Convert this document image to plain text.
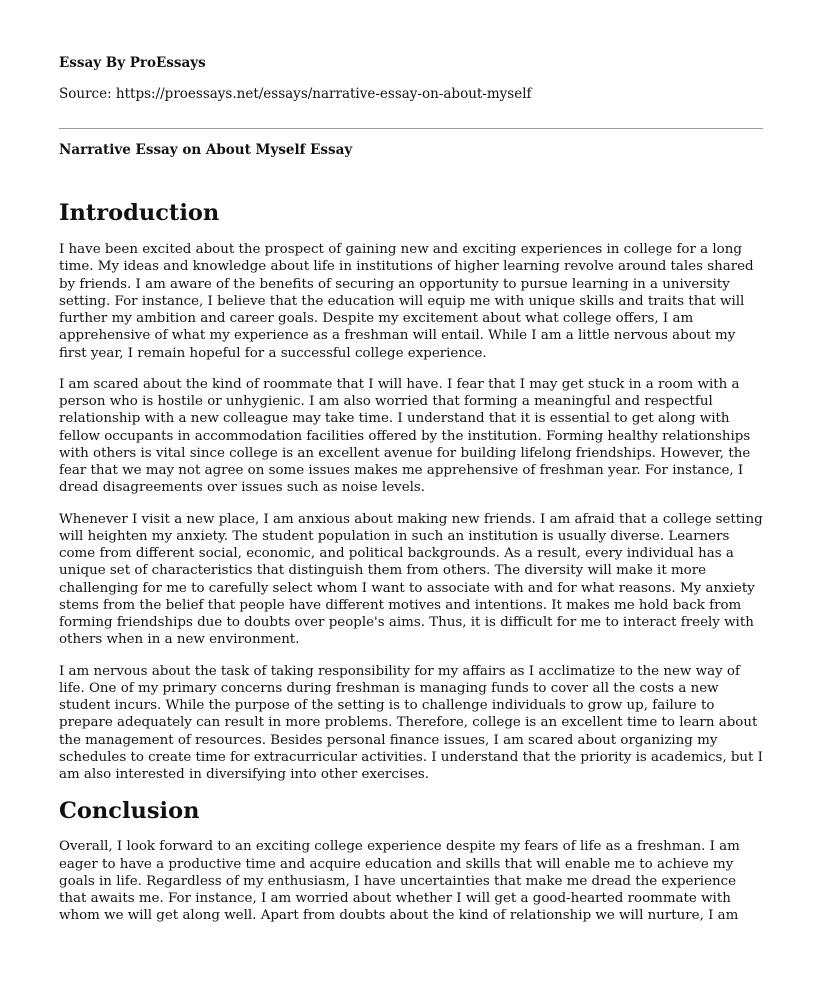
Essay By ProEssays
Source: https://proessays.net/essays/narrative-essay-on-about-myself
Narrative Essay on About Myself Essay
Introduction

I have been excited about the prospect of gaining new and exciting experiences in college for a long time. My ideas and knowledge about life in institutions of higher learning revolve around tales shared by friends. I am aware of the benefits of securing an opportunity to pursue learning in a university setting. For instance, I believe that the education will equip me with unique skills and traits that will further my ambition and career goals. Despite my excitement about what college offers, I am apprehensive of what my experience as a freshman will entail. While I am a little nervous about my first year, I remain hopeful for a successful college experience.

I am scared about the kind of roommate that I will have. I fear that I may get stuck in a room with a person who is hostile or unhygienic. I am also worried that forming a meaningful and respectful relationship with a new colleague may take time. I understand that it is essential to get along with fellow occupants in accommodation facilities offered by the institution. Forming healthy relationships with others is vital since college is an excellent avenue for building lifelong friendships. However, the fear that we may not agree on some issues makes me apprehensive of freshman year. For instance, I dread disagreements over issues such as noise levels.

Whenever I visit a new place, I am anxious about making new friends. I am afraid that a college setting will heighten my anxiety. The student population in such an institution is usually diverse. Learners come from different social, economic, and political backgrounds. As a result, every individual has a unique set of characteristics that distinguish them from others. The diversity will make it more challenging for me to carefully select whom I want to associate with and for what reasons. My anxiety stems from the belief that people have different motives and intentions. It makes me hold back from forming friendships due to doubts over people's aims. Thus, it is difficult for me to interact freely with others when in a new environment.

I am nervous about the task of taking responsibility for my affairs as I acclimatize to the new way of life. One of my primary concerns during freshman is managing funds to cover all the costs a new student incurs. While the purpose of the setting is to challenge individuals to grow up, failure to prepare adequately can result in more problems. Therefore, college is an excellent time to learn about the management of resources. Besides personal finance issues, I am scared about organizing my schedules to create time for extracurricular activities. I understand that the priority is academics, but I am also interested in diversifying into other exercises.

Conclusion

Overall, I look forward to an exciting college experience despite my fears of life as a freshman. I am eager to have a productive time and acquire education and skills that will enable me to achieve my goals in life. Regardless of my enthusiasm, I have uncertainties that make me dread the experience that awaits me. For instance, I am worried about whether I will get a good-hearted roommate with whom we will get along well. Apart from doubts about the kind of relationship we will nurture, I am
